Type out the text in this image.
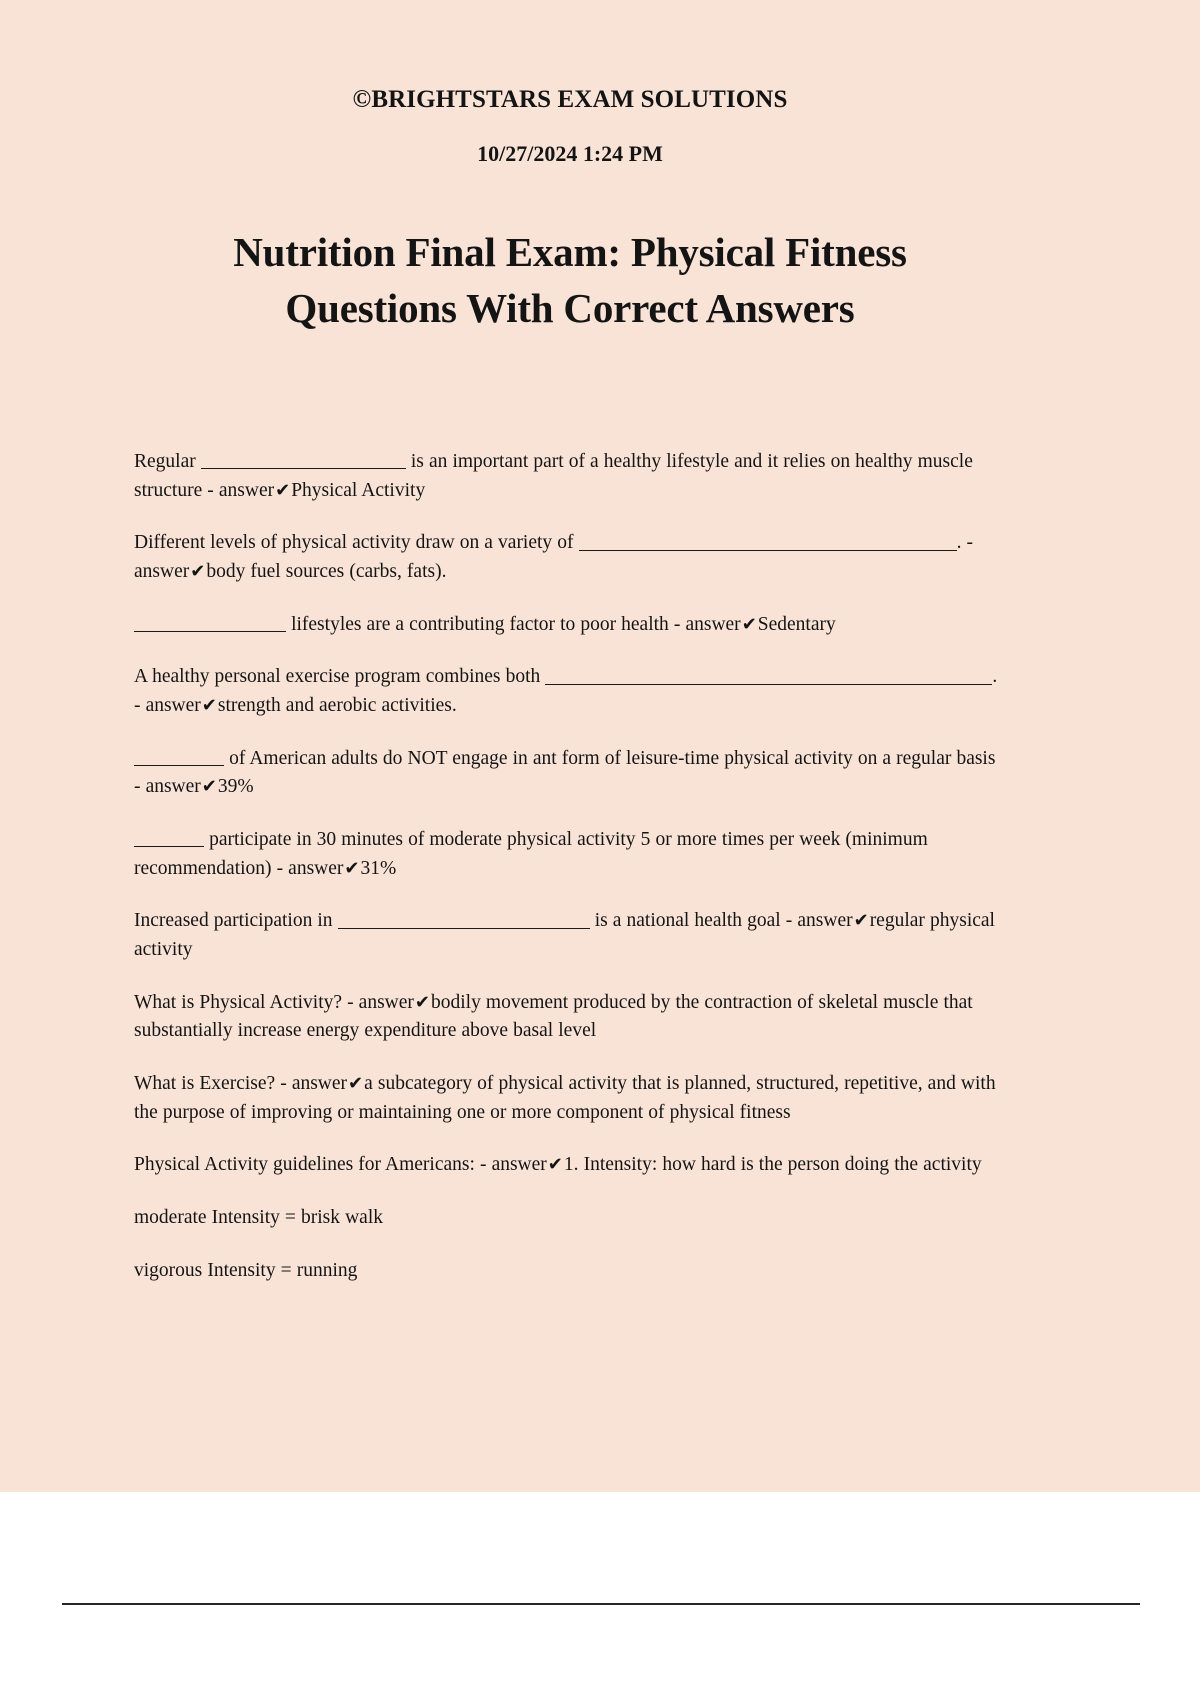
©BRIGHTSTARS EXAM SOLUTIONS
10/27/2024 1:24 PM
Nutrition Final Exam: Physical Fitness Questions With Correct Answers

Regular	is an important part of a healthy lifestyle and it relies on healthy muscle structure - answer✔Physical Activity

Different levels of physical activity draw on a variety of	. - answer✔body fuel sources (carbs, fats).

lifestyles are a contributing factor to poor health - answer✔Sedentary

A healthy personal exercise program combines both	. - answer✔strength and aerobic activities.

of American adults do NOT engage in ant form of leisure-time physical activity on a regular basis - answer✔39%

participate in 30 minutes of moderate physical activity 5 or more times per week (minimum recommendation) - answer✔31%

Increased participation in	is a national health goal - answer✔regular physical activity

What is Physical Activity? - answer✔bodily movement produced by the contraction of skeletal muscle that substantially increase energy expenditure above basal level

What is Exercise? - answer✔a subcategory of physical activity that is planned, structured, repetitive, and with the purpose of improving or maintaining one or more component of physical fitness

Physical Activity guidelines for Americans: - answer✔1. Intensity: how hard is the person doing the activity

moderate Intensity = brisk walk

vigorous Intensity = running
